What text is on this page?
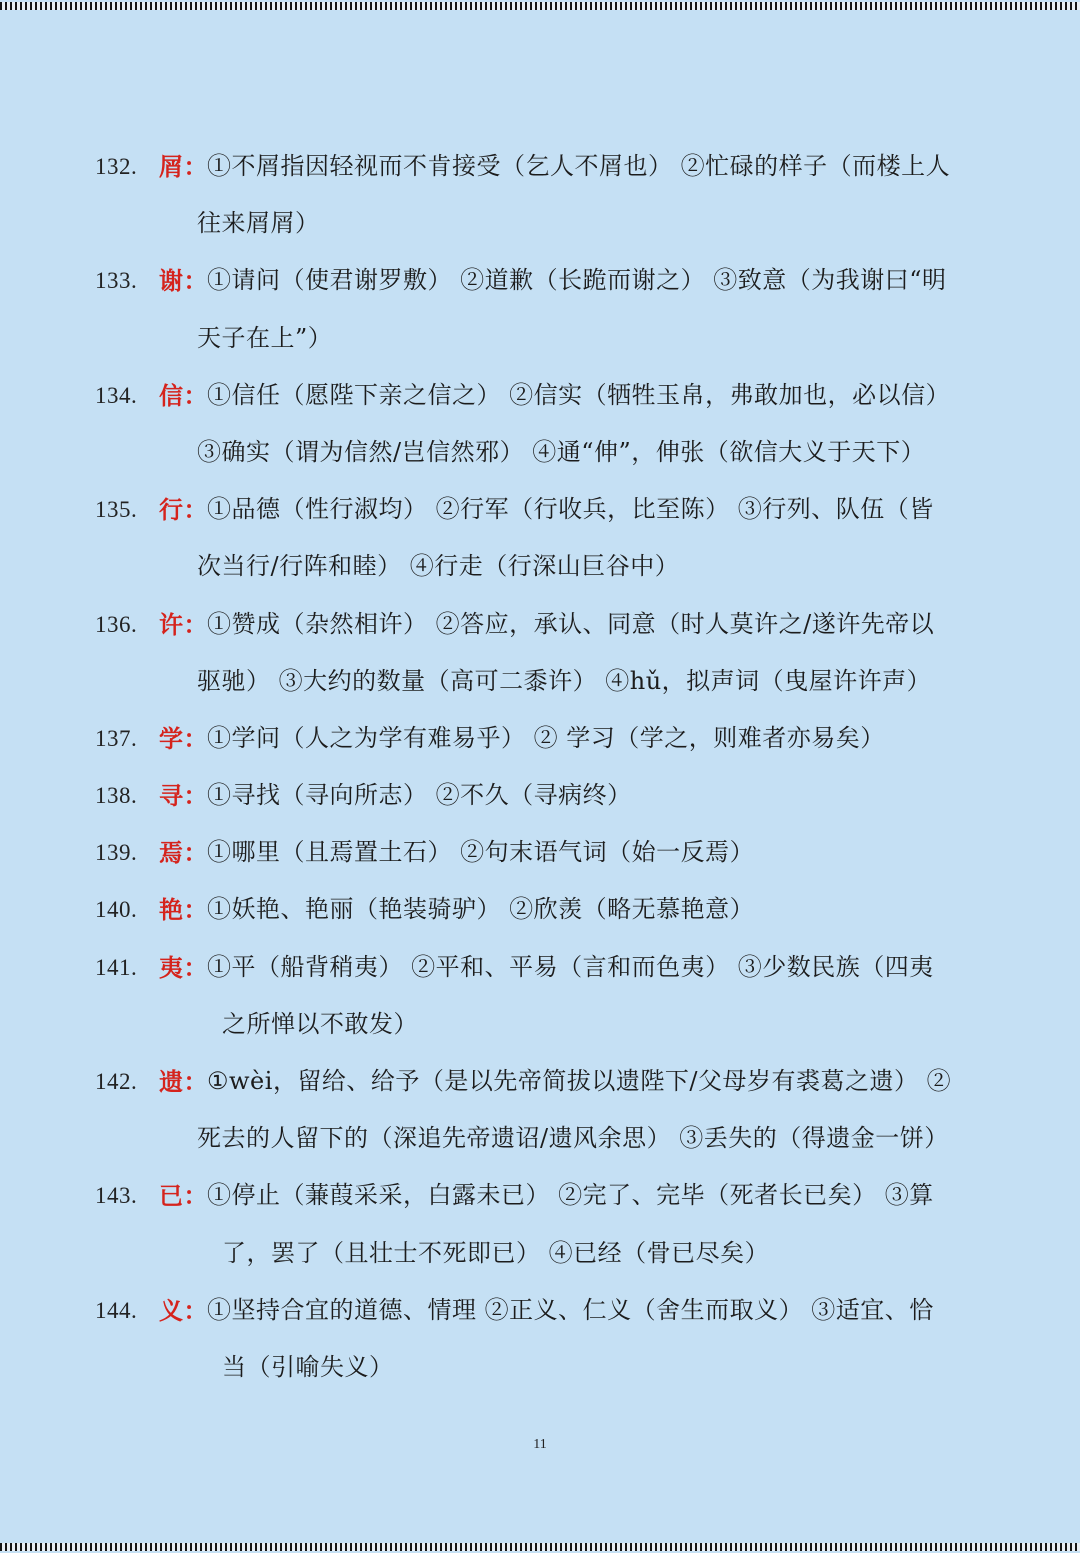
132. 屑： ①不屑指因轻视而不肯接受（乞人不屑也） ②忙碌的样子（而楼上人
往来屑屑）
133. 谢： ①请问（使君谢罗敷） ②道歉（长跪而谢之） ③致意（为我谢曰“明
天子在上”）
134. 信： ①信任（愿陛下亲之信之） ②信实（牺牲玉帛，弗敢加也，必以信）
③确实（谓为信然/岂信然邪） ④通“伸”，伸张（欲信大义于天下）
135. 行： ①品德（性行淑均） ②行军（行收兵，比至陈） ③行列、队伍（皆
次当行/行阵和睦） ④行走（行深山巨谷中）
136. 许： ①赞成（杂然相许） ②答应，承认、同意（时人莫许之/遂许先帝以
驱驰） ③大约的数量（高可二黍许） ④hǔ，拟声词（曳屋许许声）
137. 学： ①学问（人之为学有难易乎） ② 学习（学之，则难者亦易矣）
138. 寻： ①寻找（寻向所志） ②不久（寻病终）
139. 焉： ①哪里（且焉置土石） ②句末语气词（始一反焉）
140. 艳： ①妖艳、艳丽（艳装骑驴） ②欣羡（略无慕艳意）
141. 夷： ①平（船背稍夷） ②平和、平易（言和而色夷） ③少数民族（四夷
之所惮以不敢发）
142. 遗： ①wèi，留给、给予（是以先帝简拔以遗陛下/父母岁有裘葛之遗） ②
死去的人留下的（深追先帝遗诏/遗风余思） ③丢失的（得遗金一饼）
143. 已： ①停止（蒹葭采采，白露未已） ②完了、完毕（死者长已矣） ③算
了，罢了（且壮士不死即已） ④已经（骨已尽矣）
144. 义： ①坚持合宜的道德、情理 ②正义、仁义（舍生而取义） ③适宜、恰
当（引喻失义）
11
